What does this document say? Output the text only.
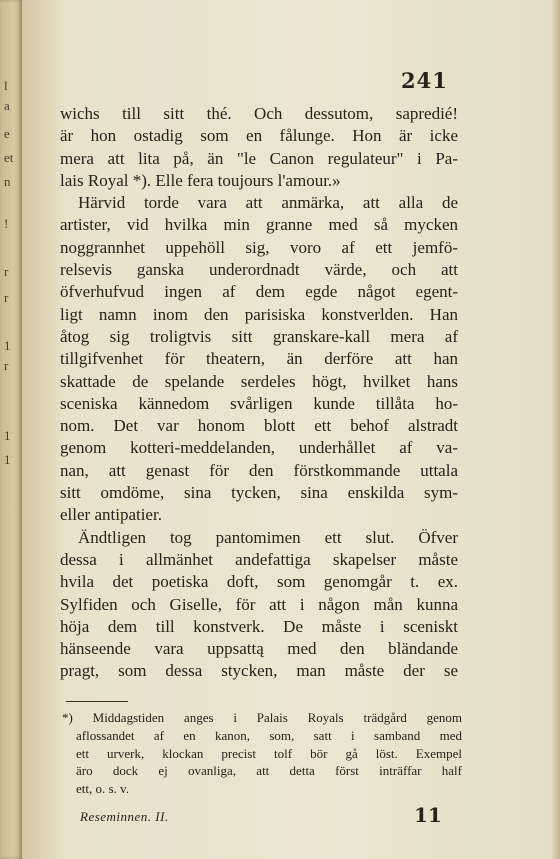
l
a
e
et
n
!
r
r
1
r
1
1
241
wichs till sitt thé. Och dessutom, sapredié!
är hon ostadig som en fålunge. Hon är icke
mera att lita på, än "le Canon regulateur" i Pa-
lais Royal *). Elle fera toujours l'amour.»
Härvid torde vara att anmärka, att alla de
artister, vid hvilka min granne med så mycken
noggrannhet uppehöll sig, voro af ett jemfö-
relsevis ganska underordnadt värde, och att
öfverhufvud ingen af dem egde något egent-
ligt namn inom den parisiska konstverlden. Han
åtog sig troligtvis sitt granskare-kall mera af
tillgifvenhet för theatern, än derföre att han
skattade de spelande serdeles högt, hvilket hans
sceniska kännedom svårligen kunde tillåta ho-
nom. Det var honom blott ett behof alstradt
genom kotteri-meddelanden, underhållet af va-
nan, att genast för den förstkommande uttala
sitt omdöme, sina tycken, sina enskilda sym-
eller antipatier.
Ändtligen tog pantomimen ett slut. Öfver
dessa i allmänhet andefattiga skapelser måste
hvila det poetiska doft, som genomgår t. ex.
Sylfiden och Giselle, för att i någon mån kunna
höja dem till konstverk. De måste i sceniskt
hänseende vara uppsattą med den bländande
pragt, som dessa stycken, man måste der se
*) Middagstiden anges i Palais Royals trädgård genom
aflossandet af en kanon, som, satt i samband med
ett urverk, klockan precist tolf bör gå löst. Exempel
äro dock ej ovanliga, att detta först inträffar half
ett, o. s. v.
Reseminnen. II.	11
